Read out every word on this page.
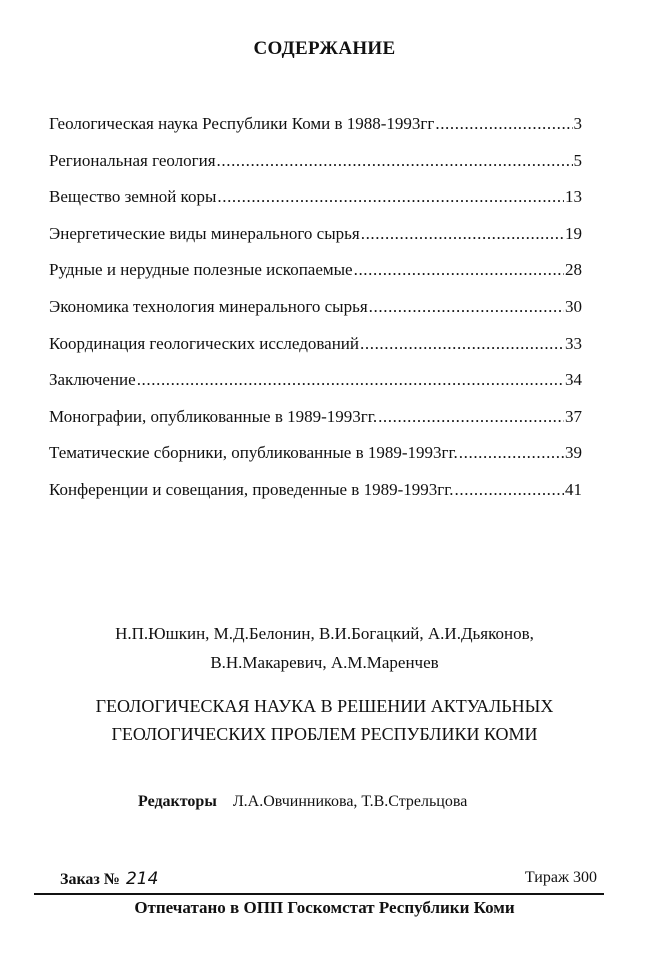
СОДЕРЖАНИЕ
Геологическая наука Республики Коми в 1988-1993гг .....	3
Региональная геология .....	5
Вещество земной коры .....	13
Энергетические виды минерального сырья .....	19
Рудные и нерудные полезные ископаемые .....	28
Экономика технология минерального сырья .....	30
Координация геологических исследований .....	33
Заключение .....	34
Монографии, опубликованные в 1989-1993гг. .....	37
Тематические сборники, опубликованные в 1989-1993гг. .....	39
Конференции и совещания, проведенные в 1989-1993гг. .....	41
Н.П.Юшкин, М.Д.Белонин, В.И.Богацкий, А.И.Дьяконов,
В.Н.Макаревич, А.М.Маренчев
ГЕОЛОГИЧЕСКАЯ НАУКА В РЕШЕНИИ АКТУАЛЬНЫХ
ГЕОЛОГИЧЕСКИХ ПРОБЛЕМ РЕСПУБЛИКИ КОМИ
Редакторы Л.А.Овчинникова, Т.В.Стрельцова
Заказ № 214	Тираж 300
Отпечатано в ОПП Госкомстат Республики Коми
